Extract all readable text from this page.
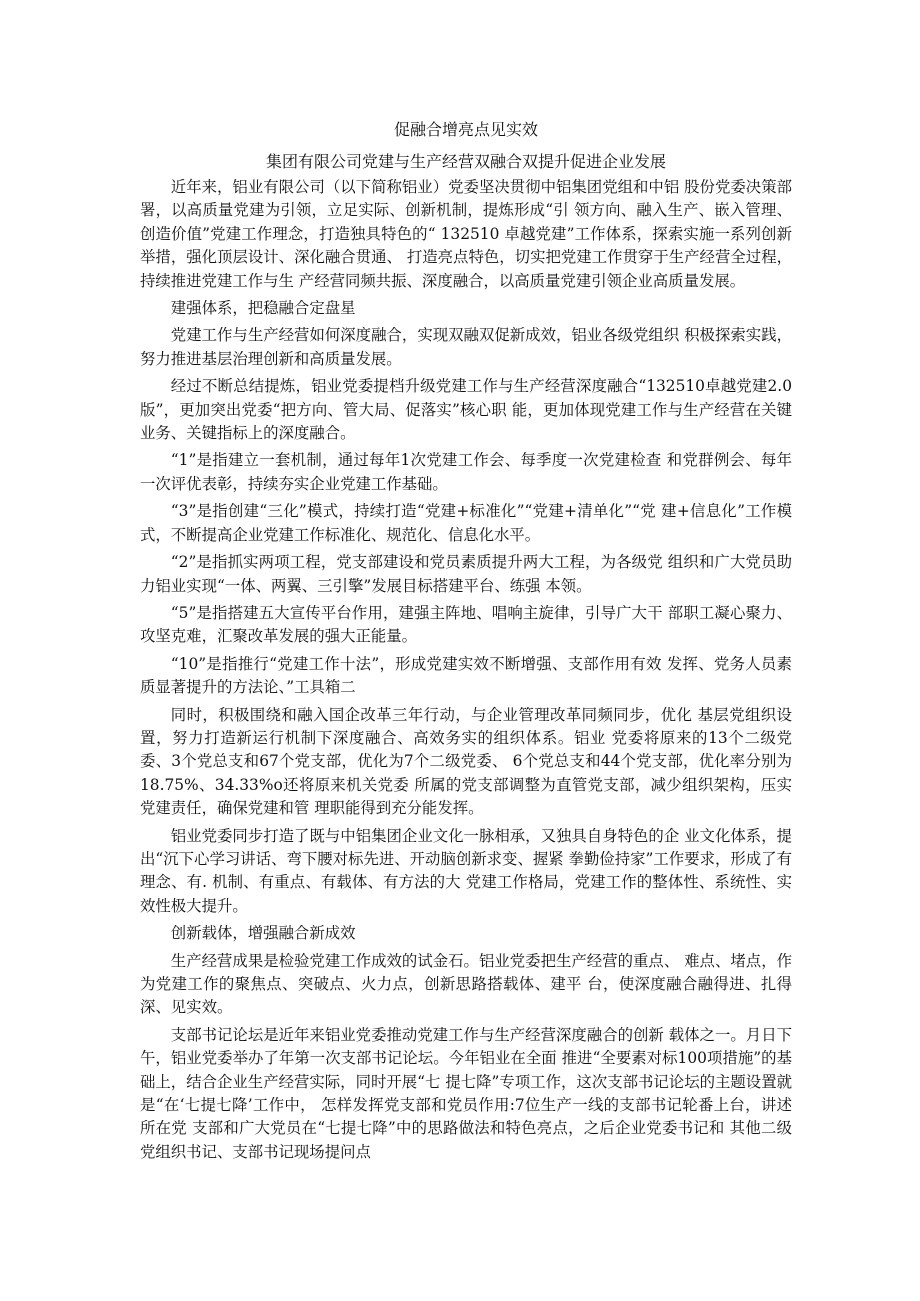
促融合增亮点见实效
集团有限公司党建与生产经营双融合双提升促进企业发展

近年来，铝业有限公司（以下简称铝业）党委坚决贯彻中铝集团党组和中铝 股份党委决策部署，以高质量党建为引领，立足实际、创新机制，提炼形成“引 领方向、融入生产、嵌入管理、创造价值”党建工作理念，打造独具特色的“ 132510 卓越党建”工作体系，探索实施一系列创新举措，强化顶层设计、深化融合贯通、 打造亮点特色，切实把党建工作贯穿于生产经营全过程，持续推进党建工作与生 产经营同频共振、深度融合，以高质量党建引领企业高质量发展。

建强体系，把稳融合定盘星

党建工作与生产经营如何深度融合，实现双融双促新成效，铝业各级党组织 积极探索实践，努力推进基层治理创新和高质量发展。

经过不断总结提炼，铝业党委提档升级党建工作与生产经营深度融合“132510卓越党建2.0版”，更加突出党委“把方向、管大局、促落实”核心职 能，更加体现党建工作与生产经营在关键业务、关键指标上的深度融合。

“1”是指建立一套机制，通过每年1次党建工作会、每季度一次党建检查 和党群例会、每年一次评优表彰，持续夯实企业党建工作基础。

“3”是指创建“三化”模式，持续打造“党建+标准化”“党建+清单化”“党 建+信息化”工作模式，不断提高企业党建工作标准化、规范化、信息化水平。

“2”是指抓实两项工程，党支部建设和党员素质提升两大工程，为各级党 组织和广大党员助力铝业实现“一体、两翼、三引擎”发展目标搭建平台、练强 本领。

“5”是指搭建五大宣传平台作用，建强主阵地、唱响主旋律，引导广大干 部职工凝心聚力、攻坚克难，汇聚改革发展的强大正能量。

“10”是指推行“党建工作十法”，形成党建实效不断增强、支部作用有效 发挥、党务人员素质显著提升的方法论、”工具箱二

同时，积极围绕和融入国企改革三年行动，与企业管理改革同频同步，优化 基层党组织设置，努力打造新运行机制下深度融合、高效务实的组织体系。铝业 党委将原来的13个二级党委、3个党总支和67个党支部，优化为7个二级党委、 6个党总支和44个党支部，优化率分别为18.75%、34.33%o还将原来机关党委 所属的党支部调整为直管党支部，减少组织架构，压实党建责任，确保党建和管 理职能得到充分能发挥。

铝业党委同步打造了既与中铝集团企业文化一脉相承，又独具自身特色的企 业文化体系，提出“沉下心学习讲话、弯下腰对标先进、开动脑创新求变、握紧 拳勤俭持家”工作要求，形成了有理念、有. 机制、有重点、有载体、有方法的大 党建工作格局，党建工作的整体性、系统性、实效性极大提升。

创新载体，增强融合新成效

生产经营成果是检验党建工作成效的试金石。铝业党委把生产经营的重点、 难点、堵点，作为党建工作的聚焦点、突破点、火力点，创新思路搭载体、建平 台，使深度融合融得进、扎得深、见实效。

支部书记论坛是近年来铝业党委推动党建工作与生产经营深度融合的创新 载体之一。月日下午，铝业党委举办了年第一次支部书记论坛。今年铝业在全面 推进“全要素对标100项措施”的基础上，结合企业生产经营实际，同时开展“七 提七降”专项工作，这次支部书记论坛的主题设置就是“在‘七提七降’工作中， 怎样发挥党支部和党员作用:7位生产一线的支部书记轮番上台，讲述所在党 支部和广大党员在“七提七降”中的思路做法和特色亮点，之后企业党委书记和 其他二级党组织书记、支部书记现场提问点
